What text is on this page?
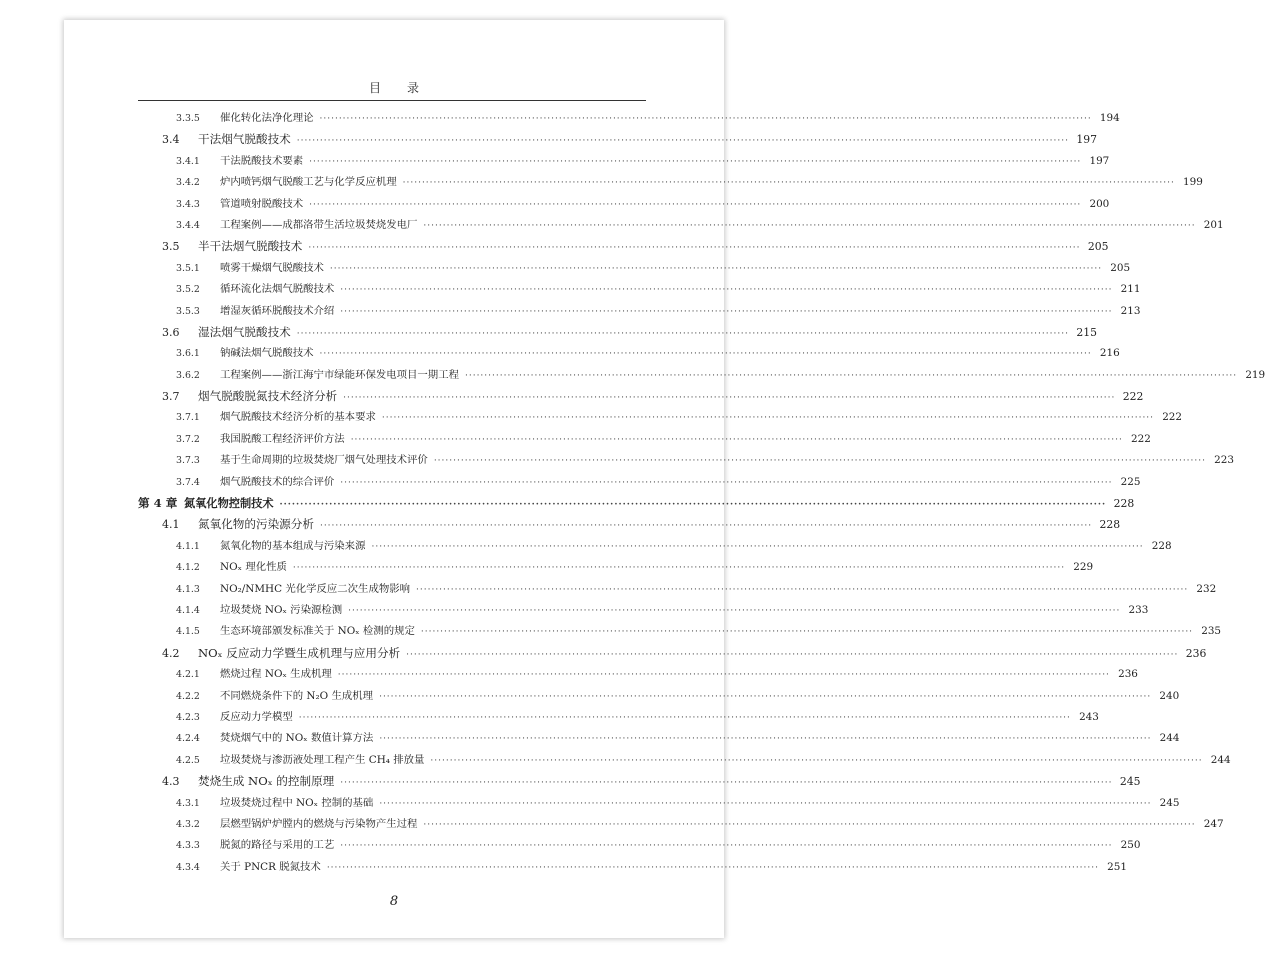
目 录
3.3.5	催化转化法净化理论 ········································································································································································································ 194
3.4	干法烟气脱酸技术 ········································································································································································································ 197
3.4.1	干法脱酸技术要素 ········································································································································································································ 197
3.4.2	炉内喷钙烟气脱酸工艺与化学反应机理 ········································································································································································································ 199
3.4.3	管道喷射脱酸技术 ········································································································································································································ 200
3.4.4	工程案例——成都洛带生活垃圾焚烧发电厂 ········································································································································································································ 201
3.5	半干法烟气脱酸技术 ········································································································································································································ 205
3.5.1	喷雾干燥烟气脱酸技术 ········································································································································································································ 205
3.5.2	循环流化法烟气脱酸技术 ········································································································································································································ 211
3.5.3	增湿灰循环脱酸技术介绍 ········································································································································································································ 213
3.6	湿法烟气脱酸技术 ········································································································································································································ 215
3.6.1	钠碱法烟气脱酸技术 ········································································································································································································ 216
3.6.2	工程案例——浙江海宁市绿能环保发电项目一期工程 ········································································································································································································ 219
3.7	烟气脱酸脱氮技术经济分析 ········································································································································································································ 222
3.7.1	烟气脱酸技术经济分析的基本要求 ········································································································································································································ 222
3.7.2	我国脱酸工程经济评价方法 ········································································································································································································ 222
3.7.3	基于生命周期的垃圾焚烧厂烟气处理技术评价 ········································································································································································································ 223
3.7.4	烟气脱酸技术的综合评价 ········································································································································································································ 225
第 4 章 氮氧化物控制技术 ········································································································································································································ 228
4.1	氮氧化物的污染源分析 ········································································································································································································ 228
4.1.1	氮氧化物的基本组成与污染来源 ········································································································································································································ 228
4.1.2	NOₓ 理化性质 ········································································································································································································ 229
4.1.3	NO₂/NMHC 光化学反应二次生成物影响 ········································································································································································································ 232
4.1.4	垃圾焚烧 NOₓ 污染源检测 ········································································································································································································ 233
4.1.5	生态环境部颁发标准关于 NOₓ 检测的规定 ········································································································································································································ 235
4.2	NOₓ 反应动力学暨生成机理与应用分析 ········································································································································································································ 236
4.2.1	燃烧过程 NOₓ 生成机理 ········································································································································································································ 236
4.2.2	不同燃烧条件下的 N₂O 生成机理 ········································································································································································································ 240
4.2.3	反应动力学模型 ········································································································································································································ 243
4.2.4	焚烧烟气中的 NOₓ 数值计算方法 ········································································································································································································ 244
4.2.5	垃圾焚烧与渗沥液处理工程产生 CH₄ 排放量 ········································································································································································································ 244
4.3	焚烧生成 NOₓ 的控制原理 ········································································································································································································ 245
4.3.1	垃圾焚烧过程中 NOₓ 控制的基础 ········································································································································································································ 245
4.3.2	层燃型锅炉炉膛内的燃烧与污染物产生过程 ········································································································································································································ 247
4.3.3	脱氮的路径与采用的工艺 ········································································································································································································ 250
4.3.4	关于 PNCR 脱氮技术 ········································································································································································································ 251
8
